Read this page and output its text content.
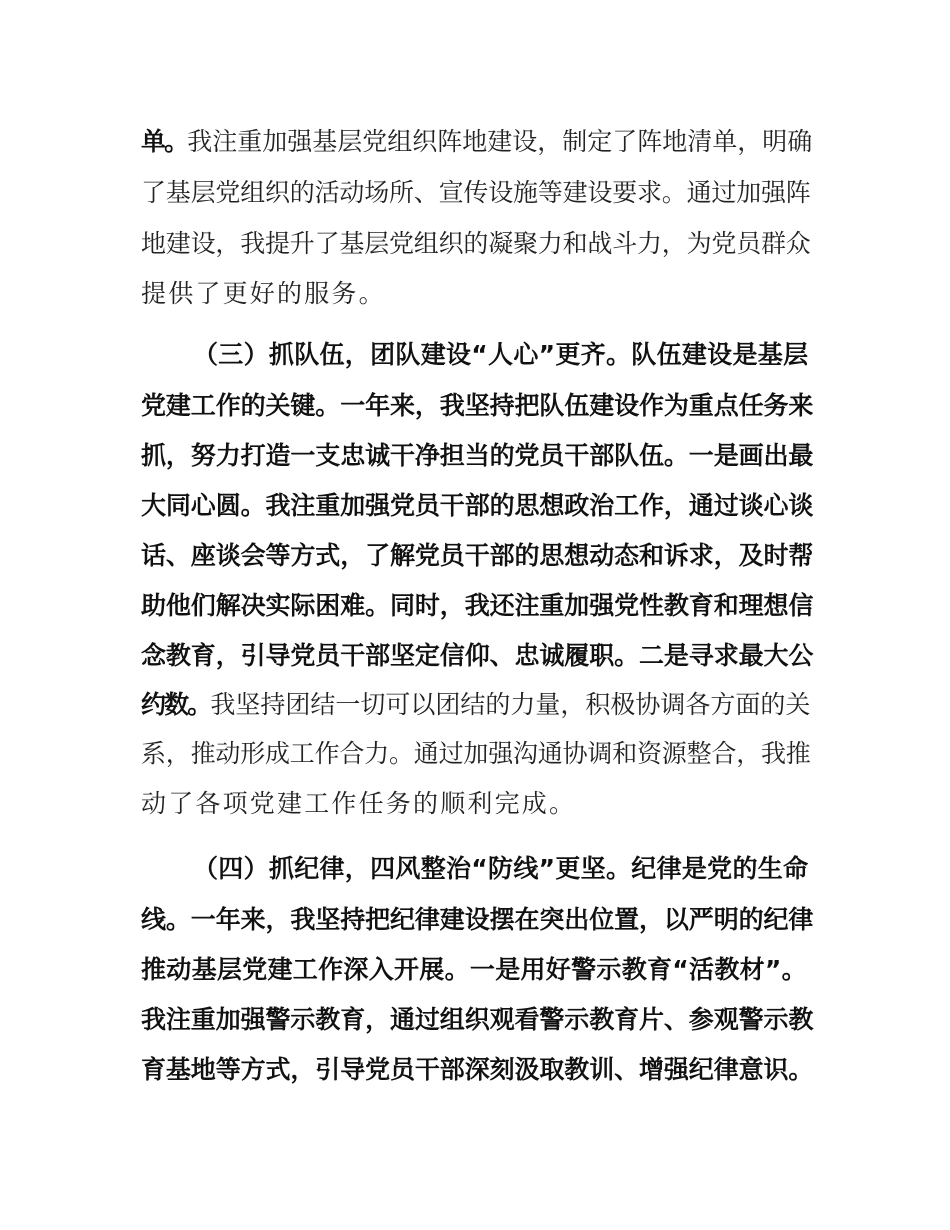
单。我注重加强基层党组织阵地建设，制定了阵地清单，明确
了基层党组织的活动场所、宣传设施等建设要求。通过加强阵
地建设，我提升了基层党组织的凝聚力和战斗力，为党员群众
提供了更好的服务。
（三）抓队伍，团队建设“人心”更齐。队伍建设是基层
党建工作的关键。一年来，我坚持把队伍建设作为重点任务来
抓，努力打造一支忠诚干净担当的党员干部队伍。一是画出最
大同心圆。我注重加强党员干部的思想政治工作，通过谈心谈
话、座谈会等方式，了解党员干部的思想动态和诉求，及时帮
助他们解决实际困难。同时，我还注重加强党性教育和理想信
念教育，引导党员干部坚定信仰、忠诚履职。二是寻求最大公
约数。我坚持团结一切可以团结的力量，积极协调各方面的关
系，推动形成工作合力。通过加强沟通协调和资源整合，我推
动了各项党建工作任务的顺利完成。
（四）抓纪律，四风整治“防线”更坚。纪律是党的生命
线。一年来，我坚持把纪律建设摆在突出位置，以严明的纪律
推动基层党建工作深入开展。一是用好警示教育“活教材”。
我注重加强警示教育，通过组织观看警示教育片、参观警示教
育基地等方式，引导党员干部深刻汲取教训、增强纪律意识。
